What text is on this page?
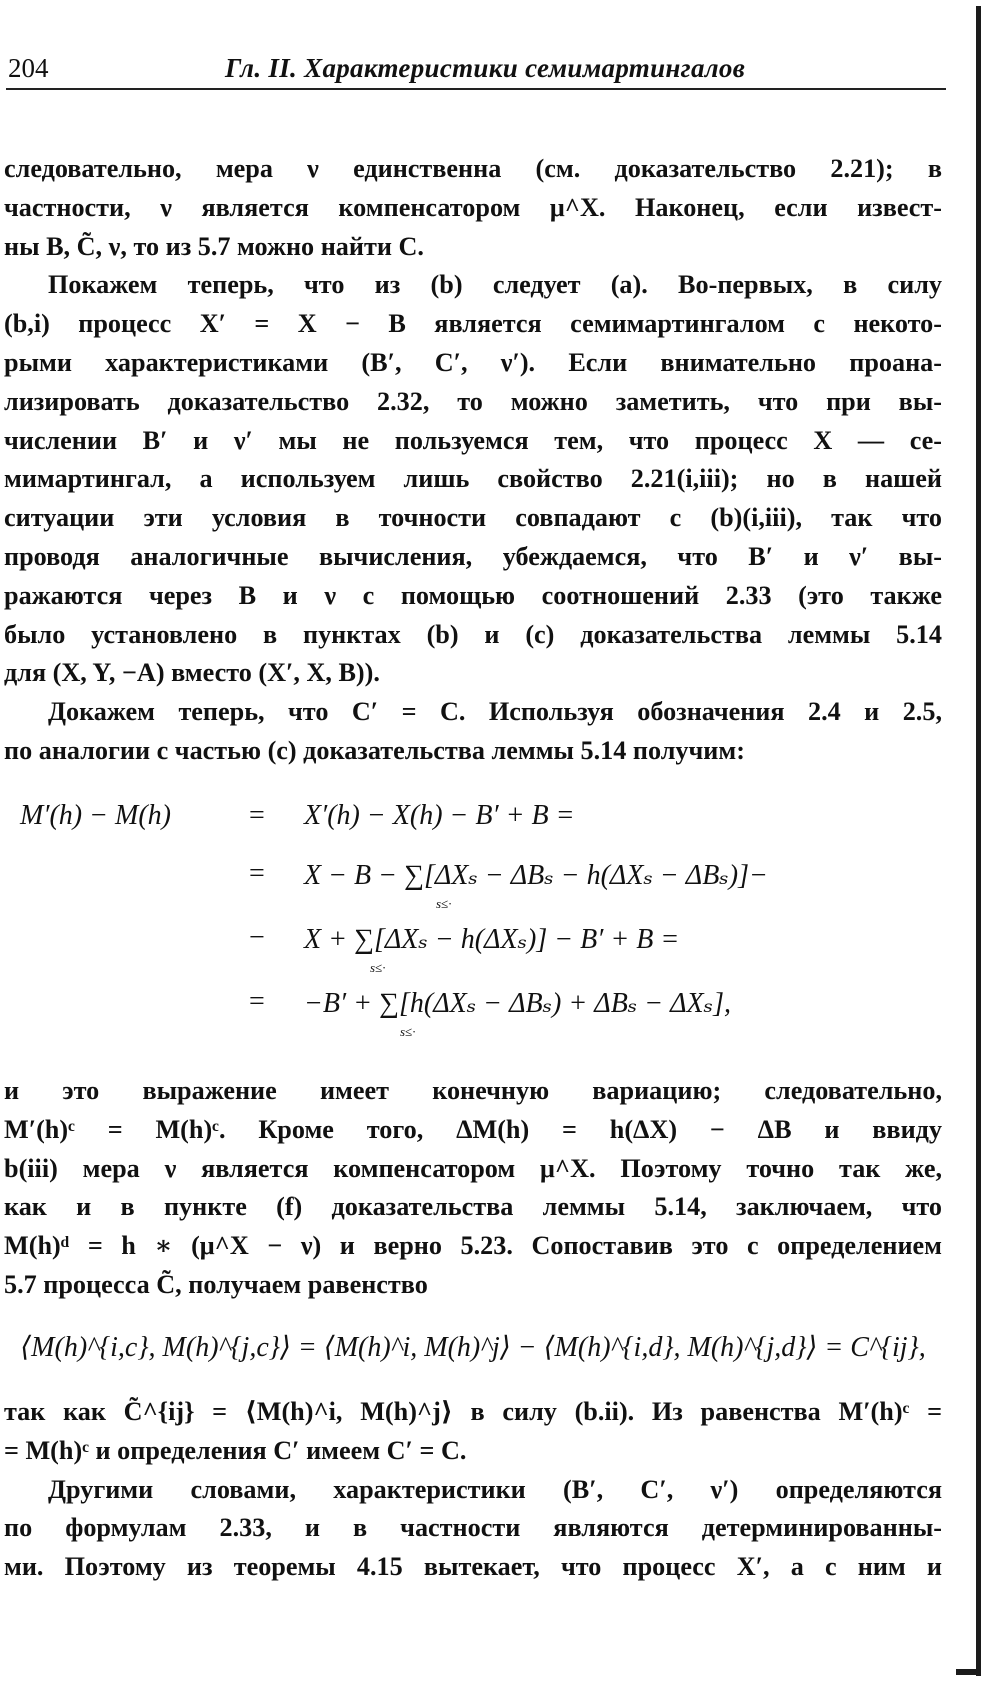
204	Гл. II. Характеристики семимартингалов
следовательно, мера ν единственна (см. доказательство 2.21); в
частности, ν является компенсатором μ^X. Наконец, если извест-
ны B, C̃, ν, то из 5.7 можно найти C.
Покажем теперь, что из (b) следует (a). Во-первых, в силу
(b,i) процесс X′ = X − B является семимартингалом с некото-
рыми характеристиками (B′, C′, ν′). Если внимательно проана-
лизировать доказательство 2.32, то можно заметить, что при вы-
числении B′ и ν′ мы не пользуемся тем, что процесс X — се-
мимартингал, а используем лишь свойство 2.21(i,iii); но в нашей
ситуации эти условия в точности совпадают с (b)(i,iii), так что
проводя аналогичные вычисления, убеждаемся, что B′ и ν′ вы-
ражаются через B и ν с помощью соотношений 2.33 (это также
было установлено в пунктах (b) и (c) доказательства леммы 5.14
для (X, Y, −A) вместо (X′, X, B)).
Докажем теперь, что C′ = C. Используя обозначения 2.4 и 2.5,
по аналогии с частью (c) доказательства леммы 5.14 получим:
M′(h) − M(h)	= X′(h) − X(h) − B′ + B =
= X − B − ∑[ΔXₛ − ΔBₛ − h(ΔXₛ − ΔBₛ)]−
s≤·
− X + ∑[ΔXₛ − h(ΔXₛ)] − B′ + B =
s≤·
= −B′ + ∑[h(ΔXₛ − ΔBₛ) + ΔBₛ − ΔXₛ],
s≤·
и это выражение имеет конечную вариацию; следовательно,
M′(h)ᶜ = M(h)ᶜ. Кроме того, ΔM(h) = h(ΔX) − ΔB и ввиду
b(iii) мера ν является компенсатором μ^X. Поэтому точно так же,
как и в пункте (f) доказательства леммы 5.14, заключаем, что
M(h)ᵈ = h ∗ (μ^X − ν) и верно 5.23. Сопоставив это с определением
5.7 процесса C̃, получаем равенство
⟨M(h)^{i,c}, M(h)^{j,c}⟩ = ⟨M(h)^i, M(h)^j⟩ − ⟨M(h)^{i,d}, M(h)^{j,d}⟩ = C^{ij},
так как C̃^{ij} = ⟨M(h)^i, M(h)^j⟩ в силу (b.ii). Из равенства M′(h)ᶜ =
= M(h)ᶜ и определения C′ имеем C′ = C.
Другими словами, характеристики (B′, C′, ν′) определяются
по формулам 2.33, и в частности являются детерминированны-
ми. Поэтому из теоремы 4.15 вытекает, что процесс X′, а с ним и
